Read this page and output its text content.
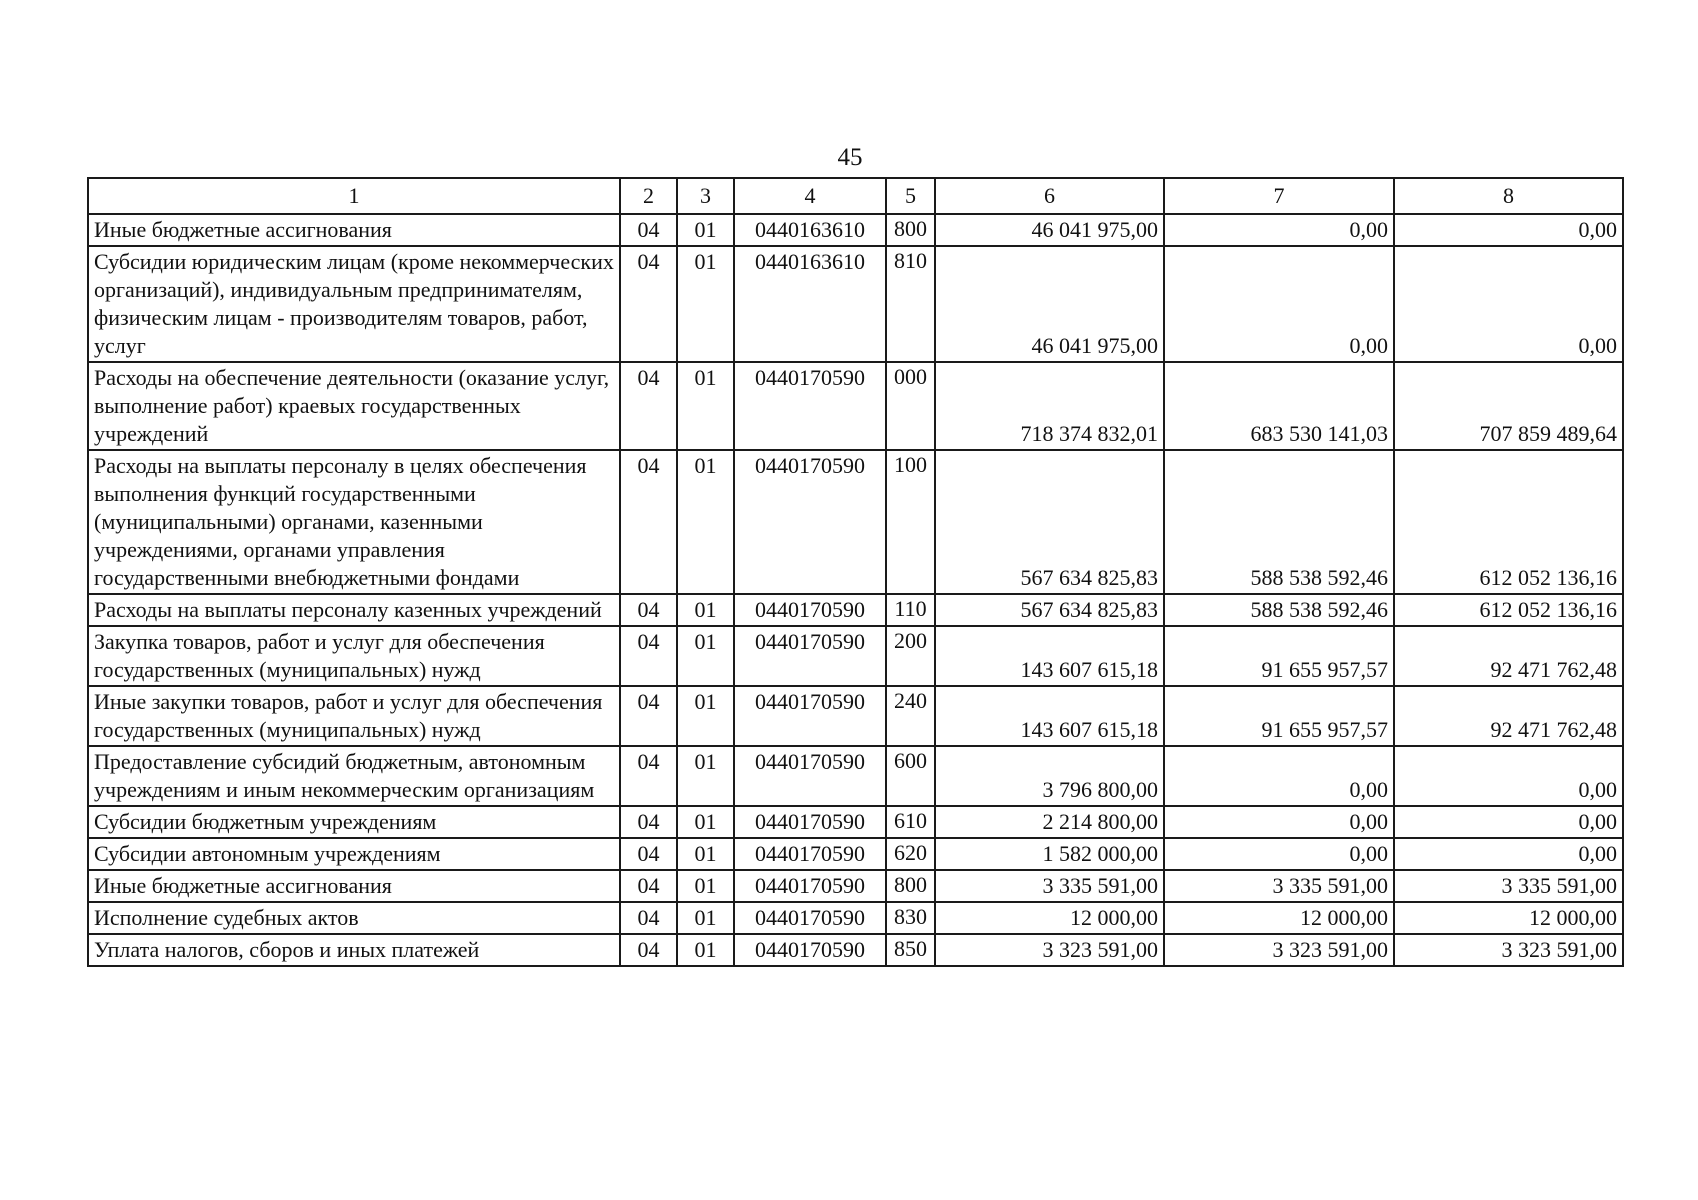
45
1	2	3	4	5	6	7	8
Иные бюджетные ассигнования	04	01	0440163610	800	46 041 975,00	0,00	0,00
Субсидии юридическим лицам (кроме некоммерческих организаций), индивидуальным предпринимателям, физическим лицам - производителям товаров, работ, услуг	04	01	0440163610	810	46 041 975,00	0,00	0,00
Расходы на обеспечение деятельности (оказание услуг, выполнение работ) краевых государственных учреждений	04	01	0440170590	000	718 374 832,01	683 530 141,03	707 859 489,64
Расходы на выплаты персоналу в целях обеспечения выполнения функций государственными (муниципальными) органами, казенными учреждениями, органами управления государственными внебюджетными фондами	04	01	0440170590	100	567 634 825,83	588 538 592,46	612 052 136,16
Расходы на выплаты персоналу казенных учреждений	04	01	0440170590	110	567 634 825,83	588 538 592,46	612 052 136,16
Закупка товаров, работ и услуг для обеспечения государственных (муниципальных) нужд	04	01	0440170590	200	143 607 615,18	91 655 957,57	92 471 762,48
Иные закупки товаров, работ и услуг для обеспечения государственных (муниципальных) нужд	04	01	0440170590	240	143 607 615,18	91 655 957,57	92 471 762,48
Предоставление субсидий бюджетным, автономным учреждениям и иным некоммерческим организациям	04	01	0440170590	600	3 796 800,00	0,00	0,00
Субсидии бюджетным учреждениям	04	01	0440170590	610	2 214 800,00	0,00	0,00
Субсидии автономным учреждениям	04	01	0440170590	620	1 582 000,00	0,00	0,00
Иные бюджетные ассигнования	04	01	0440170590	800	3 335 591,00	3 335 591,00	3 335 591,00
Исполнение судебных актов	04	01	0440170590	830	12 000,00	12 000,00	12 000,00
Уплата налогов, сборов и иных платежей	04	01	0440170590	850	3 323 591,00	3 323 591,00	3 323 591,00
